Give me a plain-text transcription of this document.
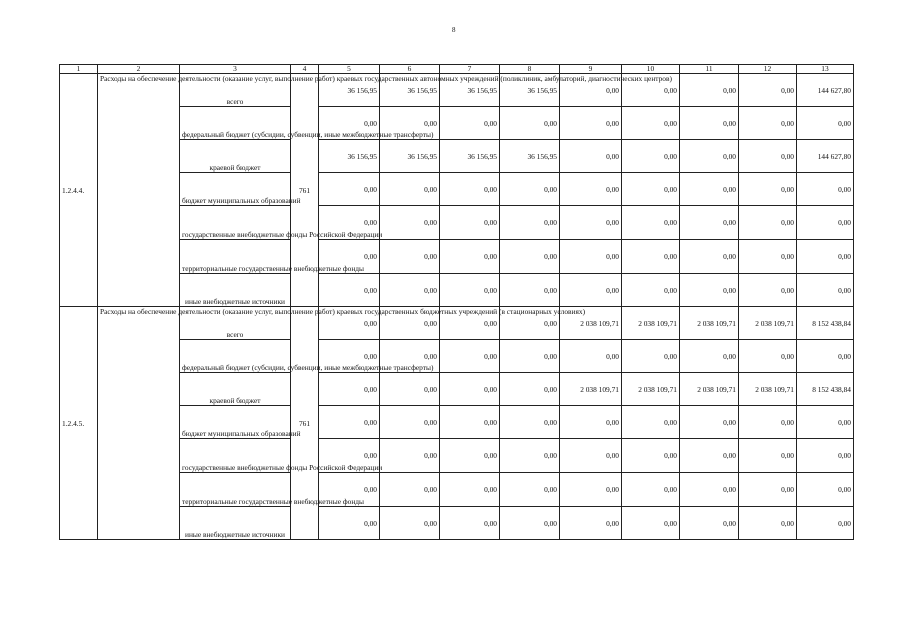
8
1	2	3	4	5	6	7	8	9	10	11	12	13
1.2.4.4.	Расходы на обеспечение деятельности (оказание услуг, выполнение работ) краевых государственных автономных учреждений (поликлиник, амбулаторий, диагностических центров)	всего	761	36 156,95	36 156,95	36 156,95	36 156,95	0,00	0,00	0,00	0,00	144 627,80
		федеральный бюджет (субсидии, субвенции, иные межбюджетные трансферты)		0,00	0,00	0,00	0,00	0,00	0,00	0,00	0,00	0,00
		краевой бюджет		36 156,95	36 156,95	36 156,95	36 156,95	0,00	0,00	0,00	0,00	144 627,80
		бюджет муниципальных образований		0,00	0,00	0,00	0,00	0,00	0,00	0,00	0,00	0,00
		государственные внебюджетные фонды Российской Федерации		0,00	0,00	0,00	0,00	0,00	0,00	0,00	0,00	0,00
		территориальные государственные внебюджетные фонды		0,00	0,00	0,00	0,00	0,00	0,00	0,00	0,00	0,00
		иные внебюджетные источники		0,00	0,00	0,00	0,00	0,00	0,00	0,00	0,00	0,00
1.2.4.5.	Расходы на обеспечение деятельности (оказание услуг, выполнение работ) краевых государственных бюджетных учреждений (в стационарных условиях)	всего	761	0,00	0,00	0,00	0,00	2 038 109,71	2 038 109,71	2 038 109,71	2 038 109,71	8 152 438,84
		федеральный бюджет (субсидии, субвенции, иные межбюджетные трансферты)		0,00	0,00	0,00	0,00	0,00	0,00	0,00	0,00	0,00
		краевой бюджет		0,00	0,00	0,00	0,00	2 038 109,71	2 038 109,71	2 038 109,71	2 038 109,71	8 152 438,84
		бюджет муниципальных образований		0,00	0,00	0,00	0,00	0,00	0,00	0,00	0,00	0,00
		государственные внебюджетные фонды Российской Федерации		0,00	0,00	0,00	0,00	0,00	0,00	0,00	0,00	0,00
		территориальные государственные внебюджетные фонды		0,00	0,00	0,00	0,00	0,00	0,00	0,00	0,00	0,00
		иные внебюджетные источники		0,00	0,00	0,00	0,00	0,00	0,00	0,00	0,00	0,00
